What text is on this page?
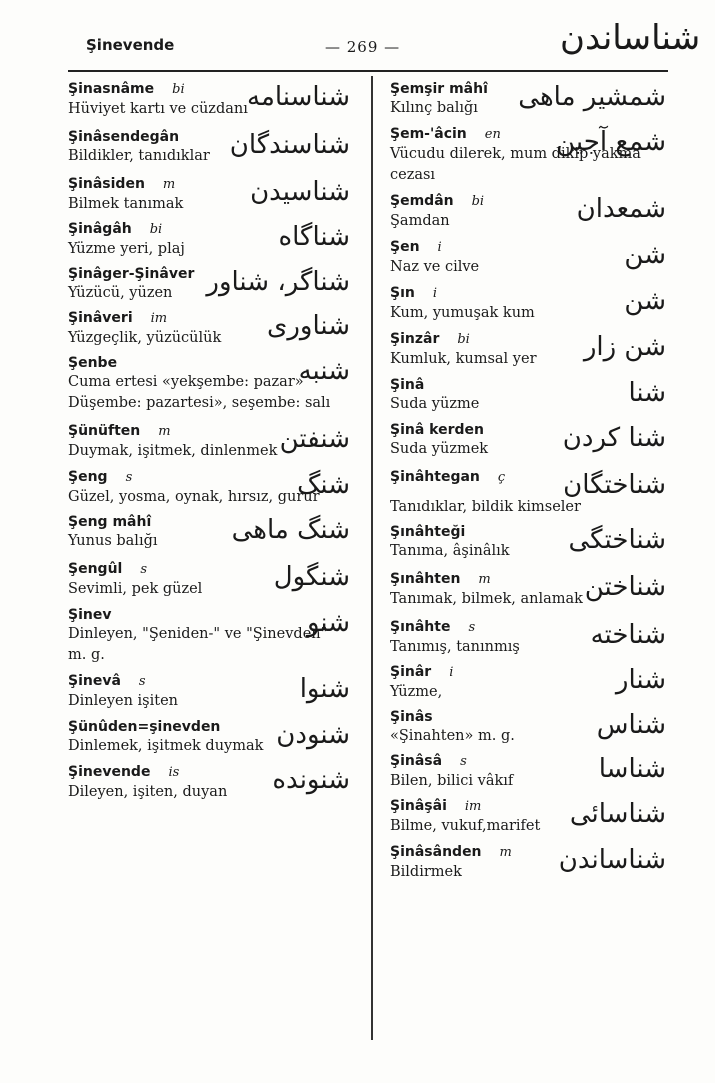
Şinevende	— 269 —	شناساندن
Şinasnâme bi	شناسنامه
Hüviyet kartı ve cüzdanı
Şinâsendegân	شناسندگان
Bildikler, tanıdıklar
Şinâsiden m	شناسیدن
Bilmek tanımak
Şinâgâh bi	شناگاه
Yüzme yeri, plaj
Şinâger-Şinâver شناگر، شناور
Yüzücü, yüzen
Şinâveri im	شناوری
Yüzgeçlik, yüzücülük
Şenbe	شنبه
Cuma ertesi «yekşembe: pazar» Düşembe: pazartesi», seşembe: salı
Şünüften m	شنفتن
Duymak, işitmek, dinlenmek
Şeng s	شنگ
Güzel, yosma, oynak, hırsız, gurur
Şeng mâhî	شنگ ماهی
Yunus balığı
Şengûl s	شنگول
Sevimli, pek güzel
Şinev	شنو
Dinleyen, "Şeniden-" ve "Şinevden" m. g.
Şinevâ s	شنوا
Dinleyen işiten
Şünûden=şinevden	شنودن
Dinlemek, işitmek duymak
Şinevende is	شنونده
Dileyen, işiten, duyan
Şemşir mâhî	شمشیر ماهی
Kılınç balığı
Şem-'âcin en	شمع آجین
Vücudu dilerek, mum dikip yakma cezası
Şemdân bi	شمعدان
Şamdan
Şen i	شن
Naz ve cilve
Şın i	شن
Kum, yumuşak kum
Şinzâr bi	شن زار
Kumluk, kumsal yer
Şinâ	شنا
Suda yüzme
Şinâ kerden	شنا کردن
Suda yüzmek
Şinâhtegan ç	شناختگان
Tanıdıklar, bildik kimseler
Şınâhteği	شناختگی
Tanıma, âşinâlık
Şınâhten m	شناختن
Tanımak, bilmek, anlamak
Şınâhte s	شناخته
Tanımış, tanınmış
Şinâr i	شنار
Yüzme,
Şinâs	شناس
«Şinahten» m. g.
Şinâsâ s	شناسا
Bilen, bilici vâkıf
Şinâşâi im	شناسائی
Bilme, vukuf,marifet
Şinâsânden m	شناساندن
Bildirmek
